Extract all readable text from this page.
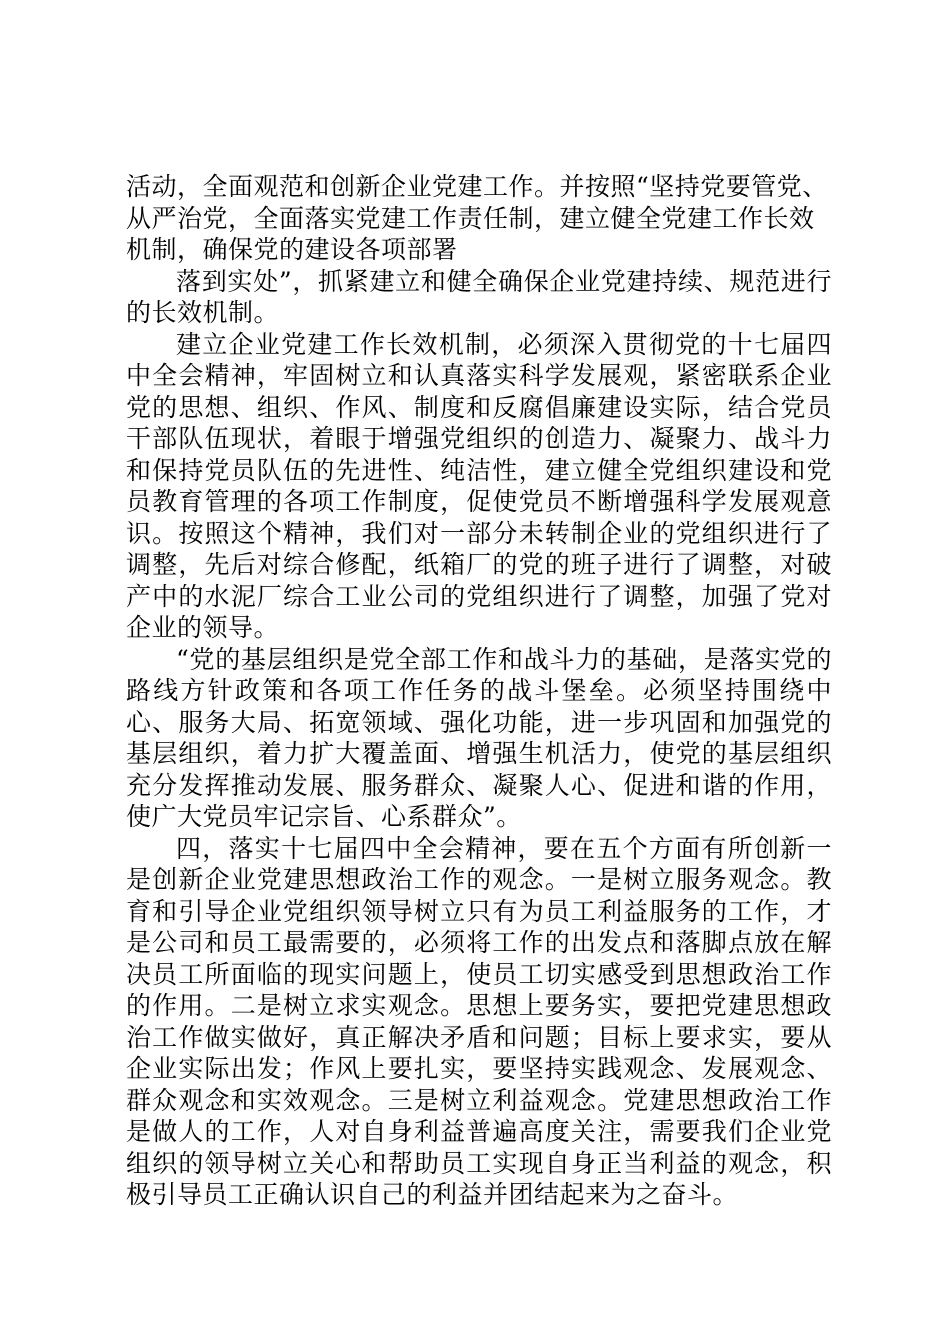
活动，全面观范和创新企业党建工作。并按照“坚持党要管党、从严治党，全面落实党建工作责任制，建立健全党建工作长效机制，确保党的建设各项部署

落到实处”，抓紧建立和健全确保企业党建持续、规范进行的长效机制。

建立企业党建工作长效机制，必须深入贯彻党的十七届四中全会精神，牢固树立和认真落实科学发展观，紧密联系企业党的思想、组织、作风、制度和反腐倡廉建设实际，结合党员干部队伍现状，着眼于增强党组织的创造力、凝聚力、战斗力和保持党员队伍的先进性、纯洁性，建立健全党组织建设和党员教育管理的各项工作制度，促使党员不断增强科学发展观意识。按照这个精神，我们对一部分未转制企业的党组织进行了调整，先后对综合修配，纸箱厂的党的班子进行了调整，对破产中的水泥厂综合工业公司的党组织进行了调整，加强了党对企业的领导。

“党的基层组织是党全部工作和战斗力的基础，是落实党的路线方针政策和各项工作任务的战斗堡垒。必须坚持围绕中心、服务大局、拓宽领域、强化功能，进一步巩固和加强党的基层组织，着力扩大覆盖面、增强生机活力，使党的基层组织充分发挥推动发展、服务群众、凝聚人心、促进和谐的作用，使广大党员牢记宗旨、心系群众”。

四，落实十七届四中全会精神，要在五个方面有所创新一是创新企业党建思想政治工作的观念。一是树立服务观念。教育和引导企业党组织领导树立只有为员工利益服务的工作，才是公司和员工最需要的，必须将工作的出发点和落脚点放在解决员工所面临的现实问题上，使员工切实感受到思想政治工作的作用。二是树立求实观念。思想上要务实，要把党建思想政治工作做实做好，真正解决矛盾和问题；目标上要求实，要从企业实际出发；作风上要扎实，要坚持实践观念、发展观念、群众观念和实效观念。三是树立利益观念。党建思想政治工作是做人的工作，人对自身利益普遍高度关注，需要我们企业党组织的领导树立关心和帮助员工实现自身正当利益的观念，积极引导员工正确认识自己的利益并团结起来为之奋斗。
